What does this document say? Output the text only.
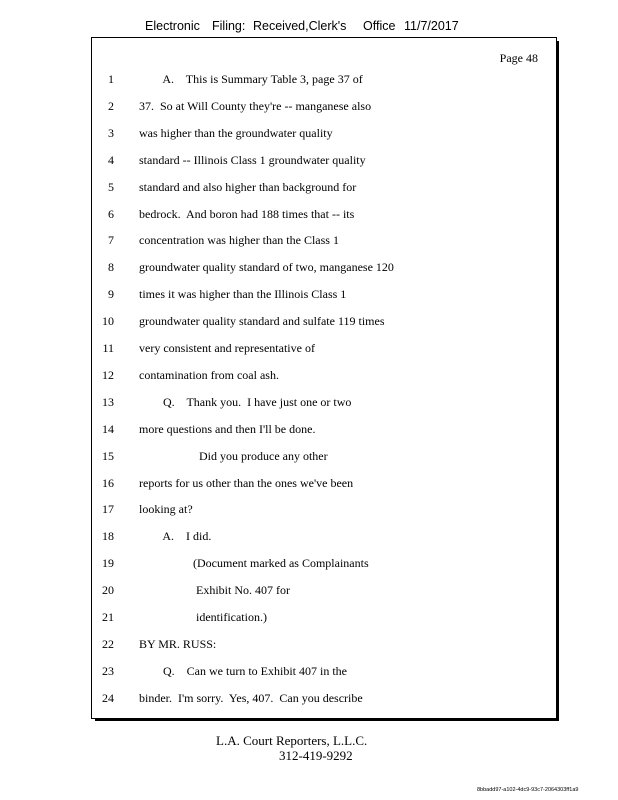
Electronic Filing: Received,Clerk's Office 11/7/2017
Page 48
1 A.    This is Summary Table 3, page 37 of
2 37.  So at Will County they're -- manganese also
3 was higher than the groundwater quality
4 standard -- Illinois Class 1 groundwater quality
5 standard and also higher than background for
6 bedrock.  And boron had 188 times that -- its
7 concentration was higher than the Class 1
8 groundwater quality standard of two, manganese 120
9 times it was higher than the Illinois Class 1
10 groundwater quality standard and sulfate 119 times
11 very consistent and representative of
12 contamination from coal ash.
13 Q.    Thank you.  I have just one or two
14 more questions and then I'll be done.
15 Did you produce any other
16 reports for us other than the ones we've been
17 looking at?
18 A.    I did.
19 (Document marked as Complainants
20 Exhibit No. 407 for
21 identification.)
22 BY MR. RUSS:
23 Q.    Can we turn to Exhibit 407 in the
24 binder.  I'm sorry.  Yes, 407.  Can you describe
L.A. Court Reporters, L.L.C.
312-419-9292
8bbadd97-a102-4dc9-93c7-2064303ff1a9
